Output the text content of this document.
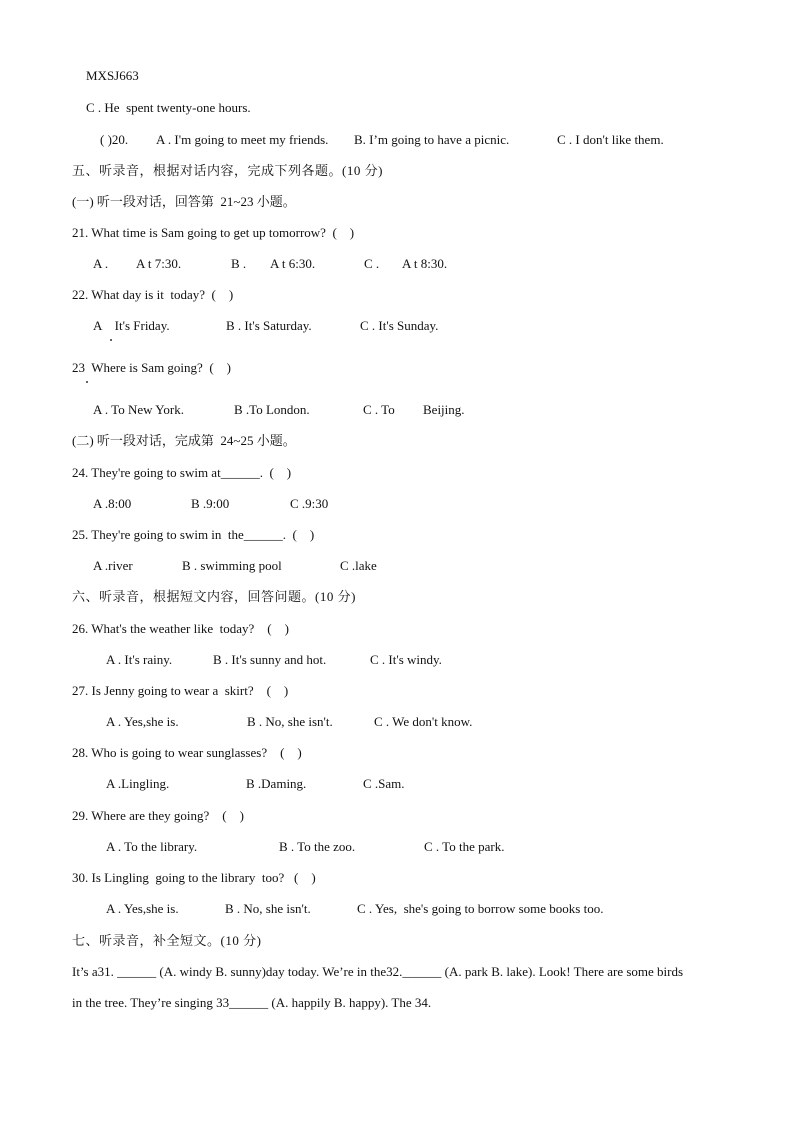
MXSJ663
C . He  spent twenty-one hours.
( )20. A . I'm going to meet my friends. B. I’m going to have a picnic.	C . I don't like them.
五、听录音，根据对话内容，完成下列各题。(10 分)
(一) 听一段对话，回答第  21~23 小题。
21. What time is Sam going to get up tomorrow?  (    )
A . A t 7:30.	B . A t 6:30.	C . A t 8:30.
22. What day is it  today?  (    )
A    It's Friday.	B . It's Saturday.	C . It's Sunday.
23  Where is Sam going?  (    )
A . To New York.	B .To London.	C . To Beijing.
(二) 听一段对话，完成第  24~25 小题。
24. They're going to swim at______.  (    )
A .8:00	B .9:00	C .9:30
25. They're going to swim in  the______.  (    )
A .river	B . swimming pool	C .lake
六、听录音，根据短文内容，回答问题。(10 分)
26. What's the weather like  today?    (    )
A . It's rainy.	B . It's sunny and hot.	C . It's windy.
27. Is Jenny going to wear a  skirt?    (    )
A . Yes,she is.	B . No, she isn't.	C . We don't know.
28. Who is going to wear sunglasses?    (    )
A .Lingling.	B .Daming.	C .Sam.
29. Where are they going?    (    )
A . To the library.	B . To the zoo.	C . To the park.
30. Is Lingling  going to the library  too?   (    )
A . Yes,she is.	B . No, she isn't.	C . Yes,  she's going to borrow some books too.
七、听录音，补全短文。(10 分)
It’s a31. ______ (A. windy B. sunny)day today. We’re in the32.______ (A. park B. lake). Look! There are some birds
in the tree. They’re singing 33______ (A. happily B. happy). The 34.
